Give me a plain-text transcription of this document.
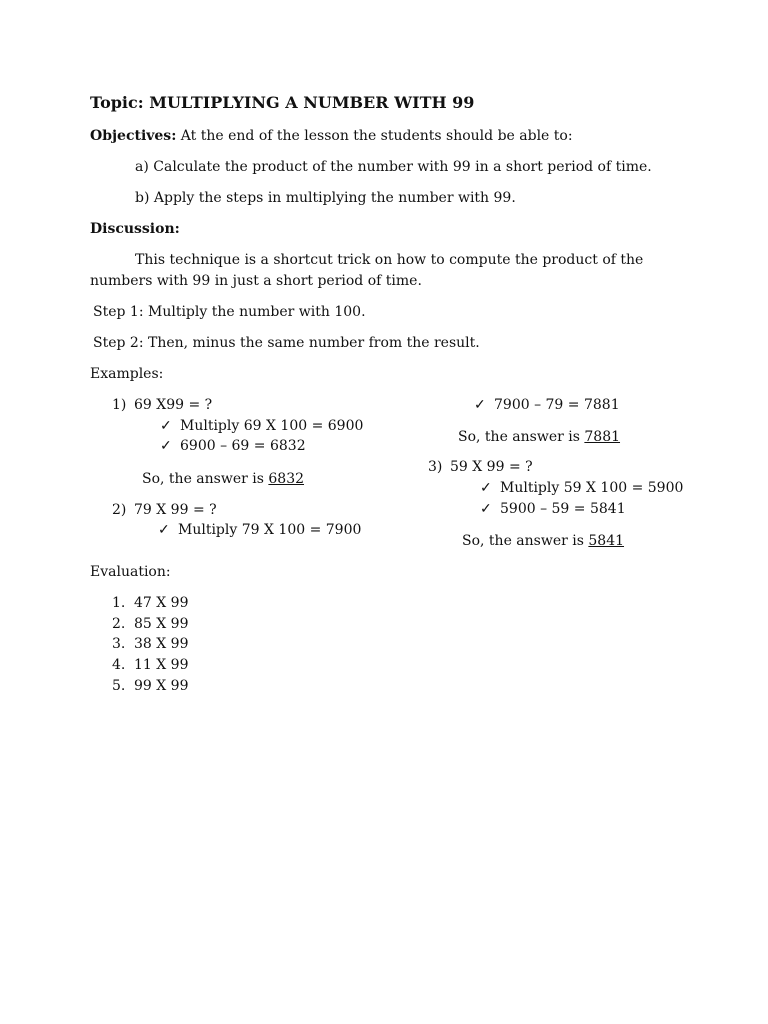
Topic: MULTIPLYING A NUMBER WITH 99
Objectives: At the end of the lesson the students should be able to:
a) Calculate the product of the number with 99 in a short period of time.
b) Apply the steps in multiplying the number with 99.
Discussion:
This technique is a shortcut trick on how to compute the product of the numbers with 99 in just a short period of time.
Step 1: Multiply the number with 100.
Step 2: Then, minus the same number from the result.
Examples:
1) 69 X99 = ?
✓ Multiply 69 X 100 = 6900
✓ 6900 – 69 = 6832
So, the answer is 6832
2) 79 X 99 = ?
✓ Multiply 79 X 100 = 7900
✓ 7900 – 79 = 7881
So, the answer is 7881
3) 59 X 99 = ?
✓ Multiply 59 X 100 = 5900
✓ 5900 – 59 = 5841
So, the answer is 5841
Evaluation:
1. 47 X 99
2. 85 X 99
3. 38 X 99
4. 11 X 99
5. 99 X 99
